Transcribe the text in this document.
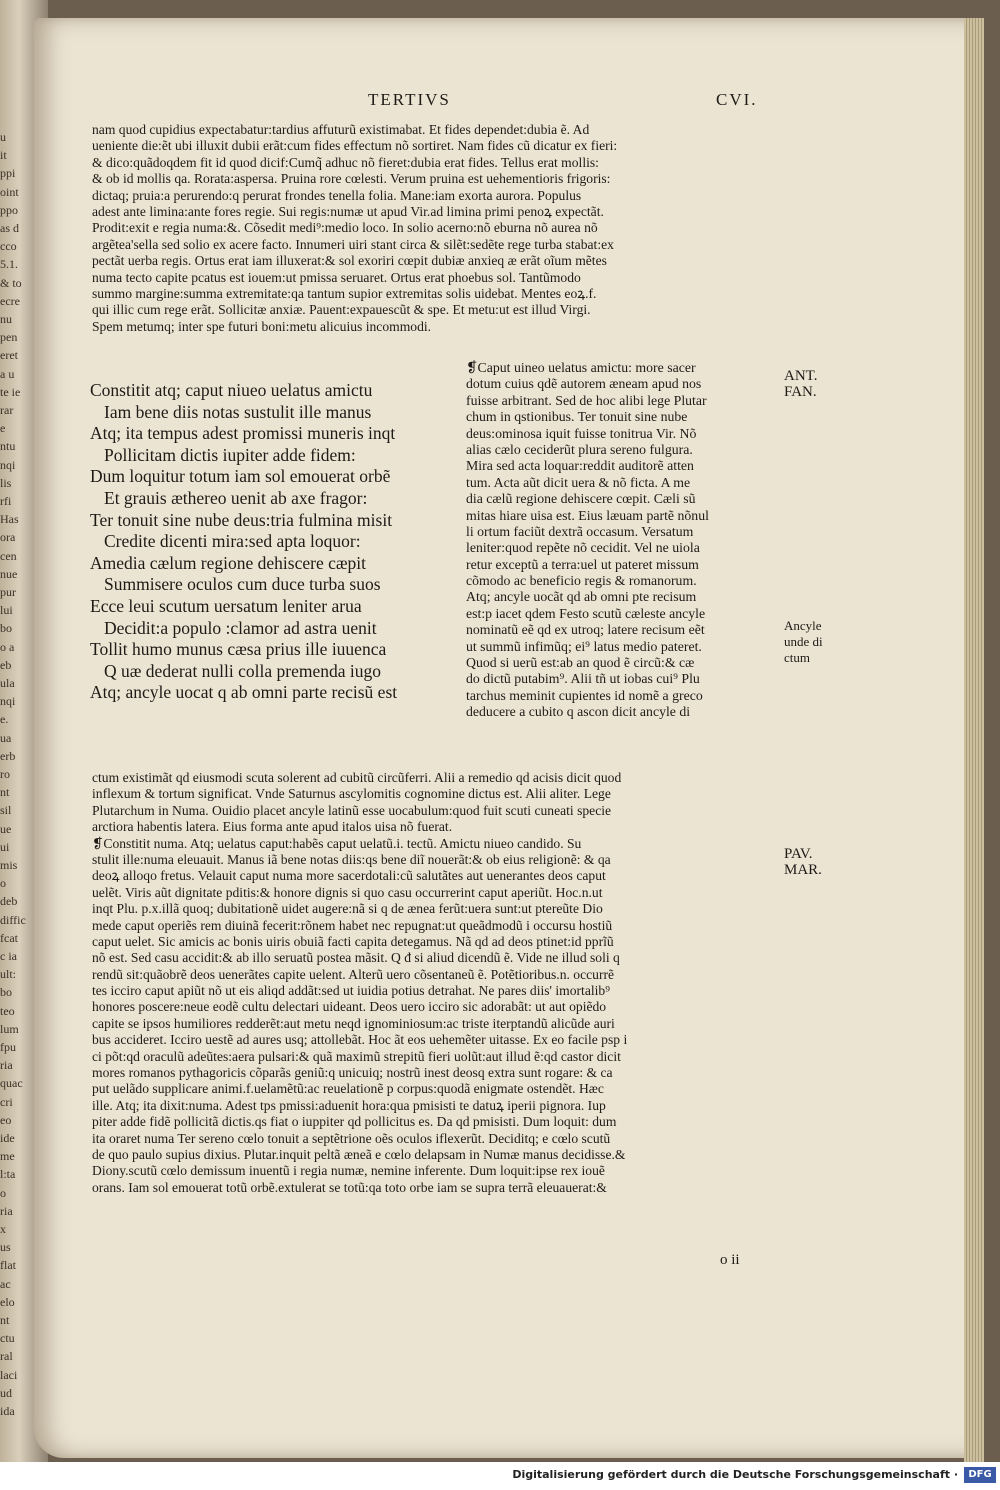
u
it
ppi
oint
ppo
as d
cco
5.1.
& to
ecre
nu
pen
eret
a u
te ie
rar
e
ntu
nqi
lis
rfi
Has
ora
cen
nue
pur
lui
bo
o a
eb
ula
nqi
e.
ua
erb
ro
nt
sil
ue
ui
mis
o
deb
diffic
fcat
c ia
ult:
bo
teo
lum
fpu
ria
quac
cri
eo
ide
me
l:ta
o
ria
x
us
flat
ac
elo
nt
ctu
ral
laci
ud
ida
TERTIVS	CVI.
nam quod cupidius expectabatur:tardius affuturũ existimabat. Et fides dependet:dubia ẽ. Ad
ueniente die:ẽt ubi illuxit dubii erãt:cum fides effectum nõ sortiret. Nam fides cũ dicatur ex fieri:
& dico:quãdoqdem fit id quod dicif:Cumq̃ adhuc nõ fieret:dubia erat fides. Tellus erat mollis:
& ob id mollis qa. Rorata:aspersa. Pruina rore cœlesti. Verum pruina est uehementioris frigoris:
dictaq; pruia:a perurendo:q perurat frondes tenella folia. Mane:iam exorta aurora. Populus
adest ante limina:ante fores regie. Sui regis:numæ ut apud Vir.ad limina primi penoꝝ expectãt.
Prodit:exit e regia numa:&. Cõsedit medi⁹:medio loco. In solio acerno:nõ eburna nõ aurea nõ
argẽtea'sella sed solio ex acere facto. Innumeri uiri stant circa & silẽt:sedẽte rege turba stabat:ex
pectãt uerba regis. Ortus erat iam illuxerat:& sol exoriri cœpit dubiæ anxieq æ erãt oĩum mẽtes
numa tecto capite pcatus est iouem:ut pmissa seruaret. Ortus erat phoebus sol. Tantũmodo
summo margine:summa extremitate:qa tantum supior extremitas solis uidebat. Mentes eoꝝ.f.
qui illic cum rege erãt. Sollicitæ anxiæ. Pauent:expauescũt & spe. Et metu:ut est illud Virgi.
Spem metumq; inter spe futuri boni:metu alicuius incommodi.
Constitit atq; caput niueo uelatus amictu
Iam bene diis notas sustulit ille manus
Atq; ita tempus adest promissi muneris inqt
Pollicitam dictis iupiter adde fidem:
Dum loquitur totum iam sol emouerat orbẽ
Et grauis æthereo uenit ab axe fragor:
Ter tonuit sine nube deus:tria fulmina misit
Credite dicenti mira:sed apta loquor:
Amedia cælum regione dehiscere cæpit
Summisere oculos cum duce turba suos
Ecce leui scutum uersatum leniter arua
Decidit:a populo :clamor ad astra uenit
Tollit humo munus cæsa prius ille iuuenca
Q uæ dederat nulli colla premenda iugo
Atq; ancyle uocat q ab omni parte recisũ est
❡Caput uineo uelatus amictu: more sacer
dotum cuius qdẽ autorem æneam apud nos
fuisse arbitrant. Sed de hoc alibi lege Plutar
chum in qstionibus. Ter tonuit sine nube
deus:ominosa iquit fuisse tonitrua Vir. Nõ
alias cælo ceciderũt plura sereno fulgura.
Mira sed acta loquar:reddit auditorẽ atten
tum. Acta aũt dicit uera & nõ ficta. A me
dia cælũ regione dehiscere cœpit. Cæli sũ
mitas hiare uisa est. Eius læuam partẽ nõnul
li ortum faciũt dextrã occasum. Versatum
leniter:quod repẽte nõ cecidit. Vel ne uiola
retur exceptũ a terra:uel ut pateret missum
cõmodo ac beneficio regis & romanorum.
Atq; ancyle uocãt qd ab omni pte recisum
est:p iacet qdem Festo scutũ cæleste ancyle
nominatũ eẽ qd ex utroq; latere recisum eẽt
ut summũ infimũq; ei⁹ latus medio pateret.
Quod si uerũ est:ab an quod ẽ circũ:& cæ
do dictũ putabim⁹. Alii tñ ut iobas cui⁹ Plu
tarchus meminit cupientes id nomẽ a greco
deducere a cubito q ascon dicit ancyle di
ctum existimãt qd eiusmodi scuta solerent ad cubitũ circũferri. Alii a remedio qd acisis dicit quod
inflexum & tortum significat. Vnde Saturnus ascylomitis cognomine dictus est. Alii aliter. Lege
Plutarchum in Numa. Ouidio placet ancyle latinũ esse uocabulum:quod fuit scuti cuneati specie
arctiora habentis latera. Eius forma ante apud italos uisa nõ fuerat.
❡Constitit numa. Atq; uelatus caput:habẽs caput uelatũ.i. tectũ. Amictu niueo candido. Su
stulit ille:numa eleuauit. Manus iã bene notas diis:qs bene diĩ nouerãt:& ob eius religionẽ: & qa
deoꝝ alloqo fretus. Velauit caput numa more sacerdotali:cũ salutãtes aut uenerantes deos caput
uelẽt. Viris aũt dignitate pditis:& honore dignis si quo casu occurrerint caput aperiũt. Hoc.n.ut
inqt Plu. p.x.illã quoq; dubitationẽ uidet augere:nã si q de ænea ferũt:uera sunt:ut ptereũte Dio
mede caput operiẽs rem diuinã fecerit:rõnem habet nec repugnat:ut queãdmodũ i occursu hostiũ
caput uelet. Sic amicis ac bonis uiris obuiã facti capita detegamus. Nã qd ad deos ptinet:id pprĩũ
nõ est. Sed casu accidit:& ab illo seruatũ postea mãsit. Q đ si aliud dicendũ ẽ. Vide ne illud soli q
rendũ sit:quãobrẽ deos uenerãtes capite uelent. Alterũ uero cõsentaneũ ẽ. Potẽtioribus.n. occurrẽ
tes icciro caput apiũt nõ ut eis aliqd addãt:sed ut iuidia potius detrahat. Ne pares diis' imortalib⁹
honores poscere:neue eodẽ cultu delectari uideant. Deos uero icciro sic adorabãt: ut aut opiẽdo
capite se ipsos humiliores redderẽt:aut metu neqd ignominiosum:ac triste iterptandũ alicũde auri
bus accideret. Icciro uestẽ ad aures usq; attollebãt. Hoc ãt eos uehemẽter uitasse. Ex eo facile psp i
ci põt:qd oraculũ adeũtes:aera pulsari:& quã maximũ strepitũ fieri uolũt:aut illud ẽ:qd castor dicit
mores romanos pythagoricis cõparãs geniũ:q unicuiq; nostrũ inest deosq extra sunt rogare: & ca
put uelãdo supplicare animi.f.uelamẽtũ:ac reuelationẽ p corpus:quodã enigmate ostendẽt. Hæc
ille. Atq; ita dixit:numa. Adest tps pmissi:aduenit hora:qua pmisisti te datuꝝ iperii pignora. Iup
piter adde fidẽ pollicitã dictis.qs fiat o iuppiter qd pollicitus es. Da qd pmisisti. Dum loquit: dum
ita oraret numa Ter sereno cœlo tonuit a septẽtrione oẽs oculos iflexerũt. Deciditq; e cœlo scutũ
de quo paulo supius dixius. Plutar.inquit peltã æneã e cœlo delapsam in Numæ manus decidisse.&
Diony.scutũ cœlo demissum inuentũ i regia numæ, nemine inferente. Dum loquit:ipse rex iouẽ
orans. Iam sol emouerat totũ orbẽ.extulerat se totũ:qa toto orbe iam se supra terrã eleuauerat:&
ANT.
FAN.
Ancyle
unde di
ctum
PAV.
MAR.
o ii
Digitalisierung gefördert durch die Deutsche Forschungsgemeinschaft ·	DFG
